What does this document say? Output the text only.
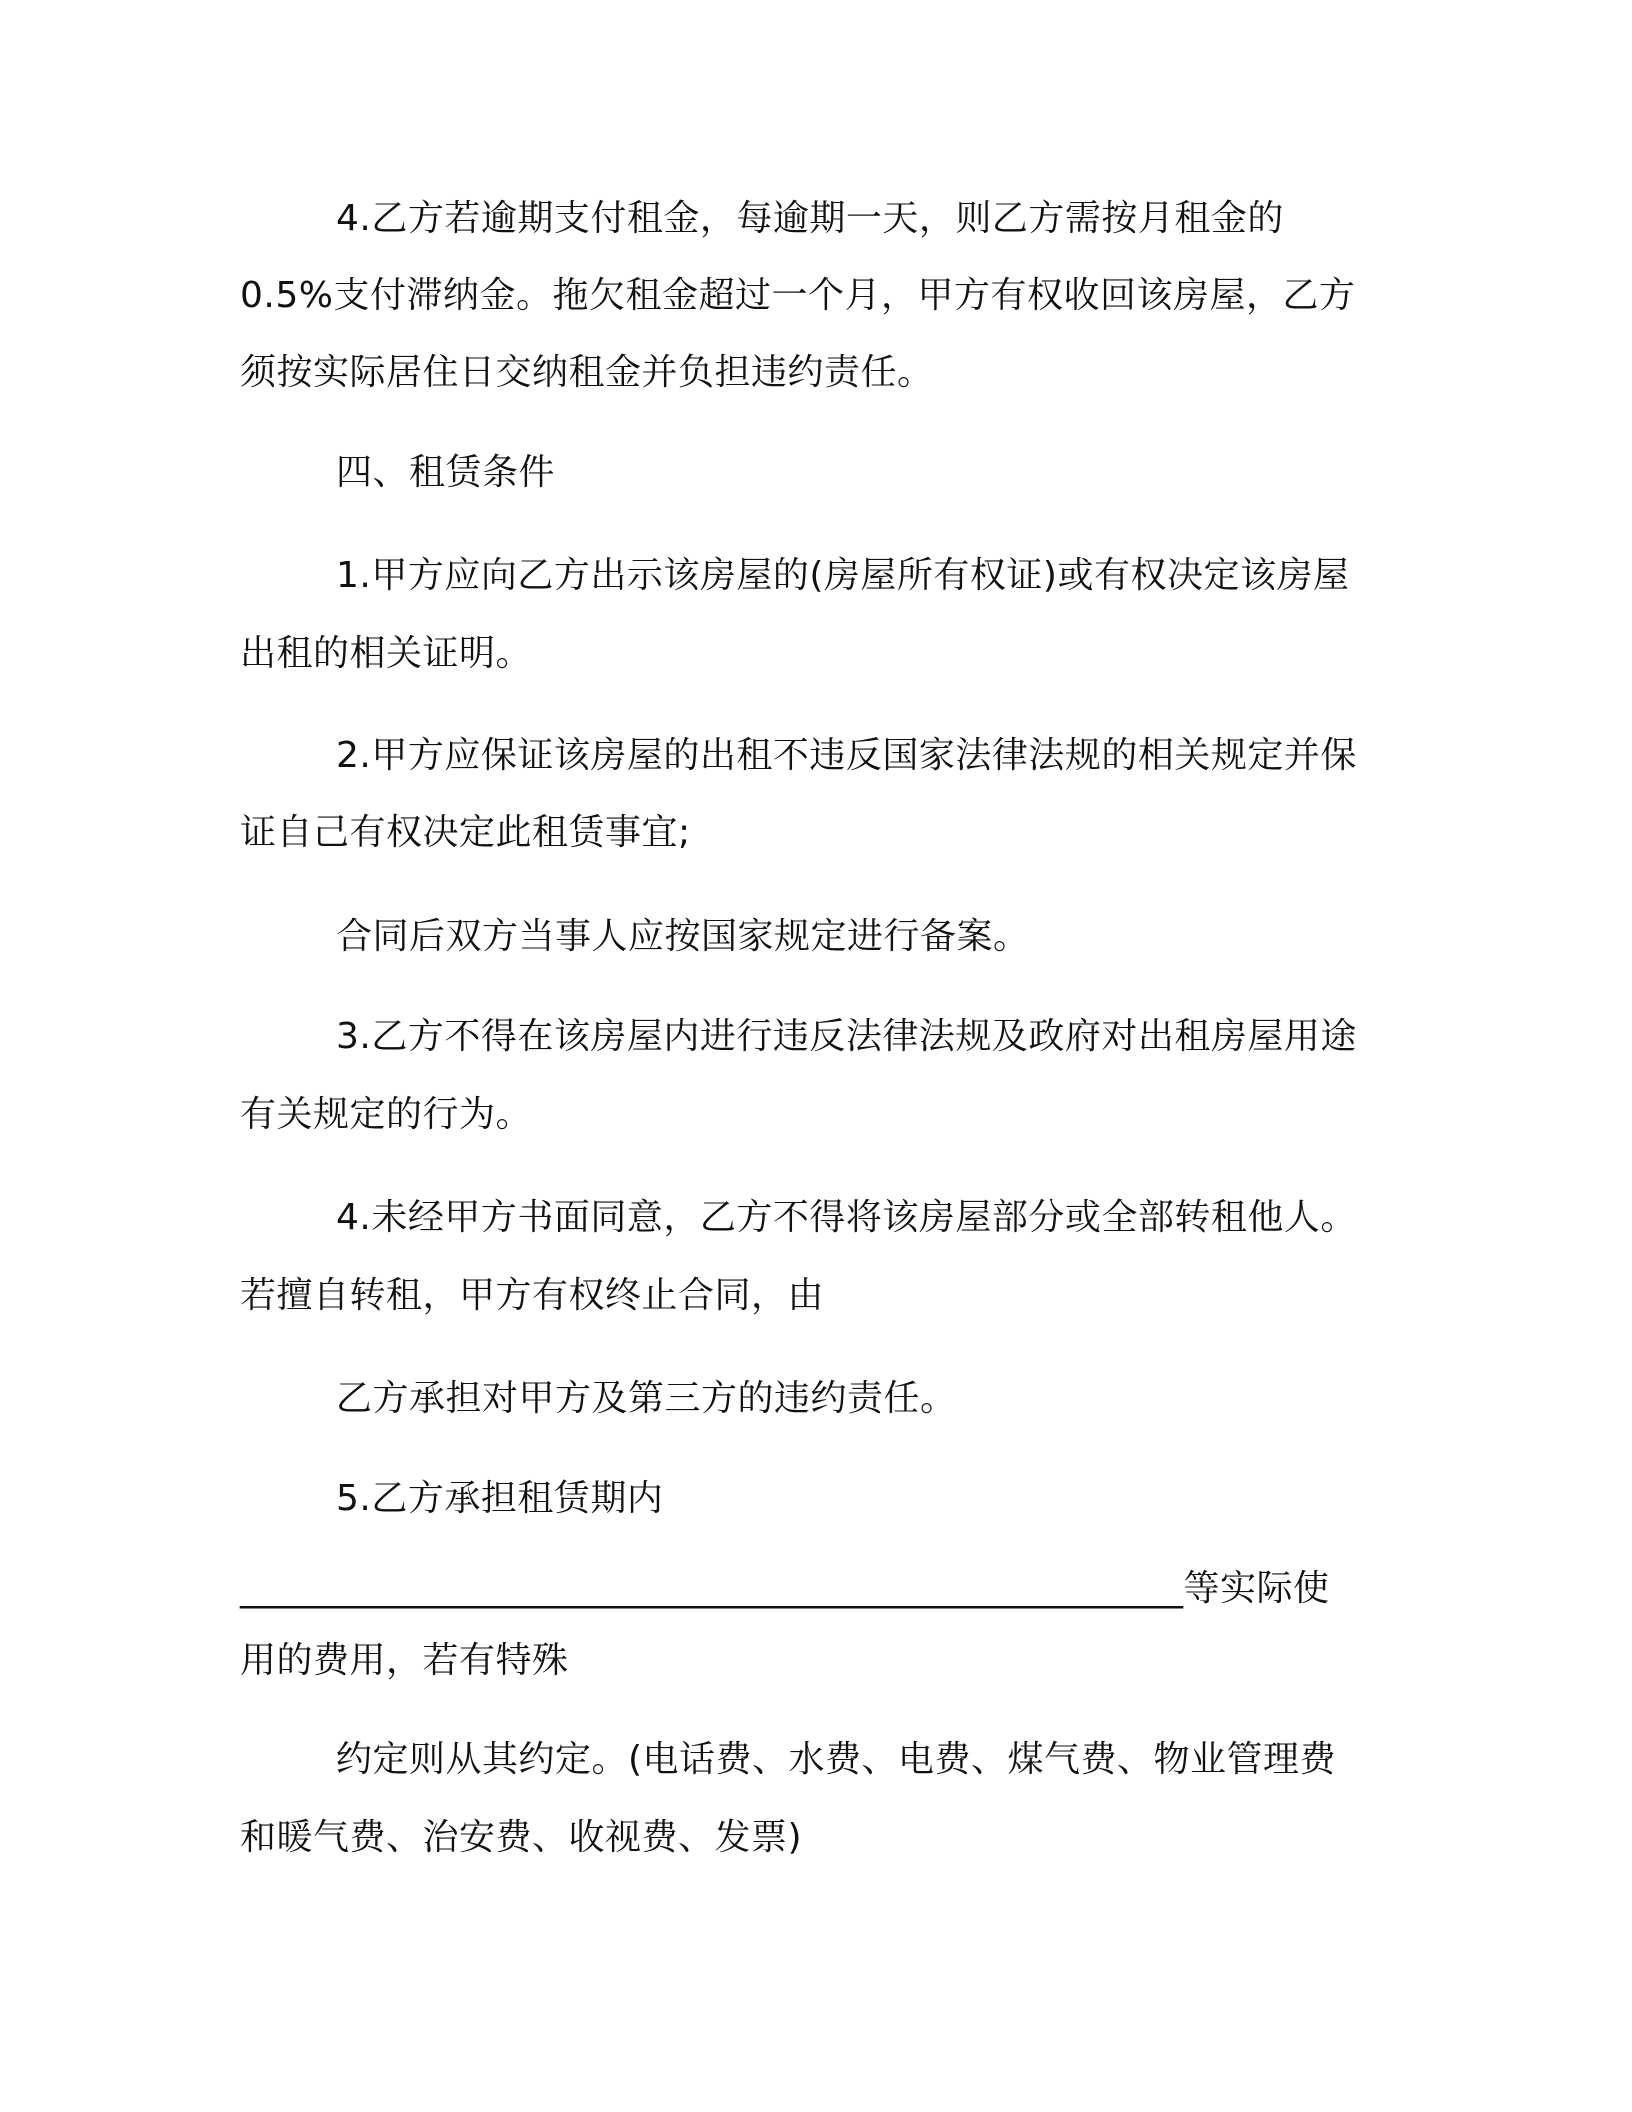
4.乙方若逾期支付租金，每逾期一天，则乙方需按月租金的
0.5%支付滞纳金。拖欠租金超过一个月，甲方有权收回该房屋，乙方
须按实际居住日交纳租金并负担违约责任。
四、租赁条件
1.甲方应向乙方出示该房屋的(房屋所有权证)或有权决定该房屋
出租的相关证明。
2.甲方应保证该房屋的出租不违反国家法律法规的相关规定并保
证自己有权决定此租赁事宜;
合同后双方当事人应按国家规定进行备案。
3.乙方不得在该房屋内进行违反法律法规及政府对出租房屋用途
有关规定的行为。
4.未经甲方书面同意，乙方不得将该房屋部分或全部转租他人。
若擅自转租，甲方有权终止合同，由
乙方承担对甲方及第三方的违约责任。
5.乙方承担租赁期内
___________________________________________________等实际使
用的费用，若有特殊
约定则从其约定。(电话费、水费、电费、煤气费、物业管理费
和暖气费、治安费、收视费、发票)
